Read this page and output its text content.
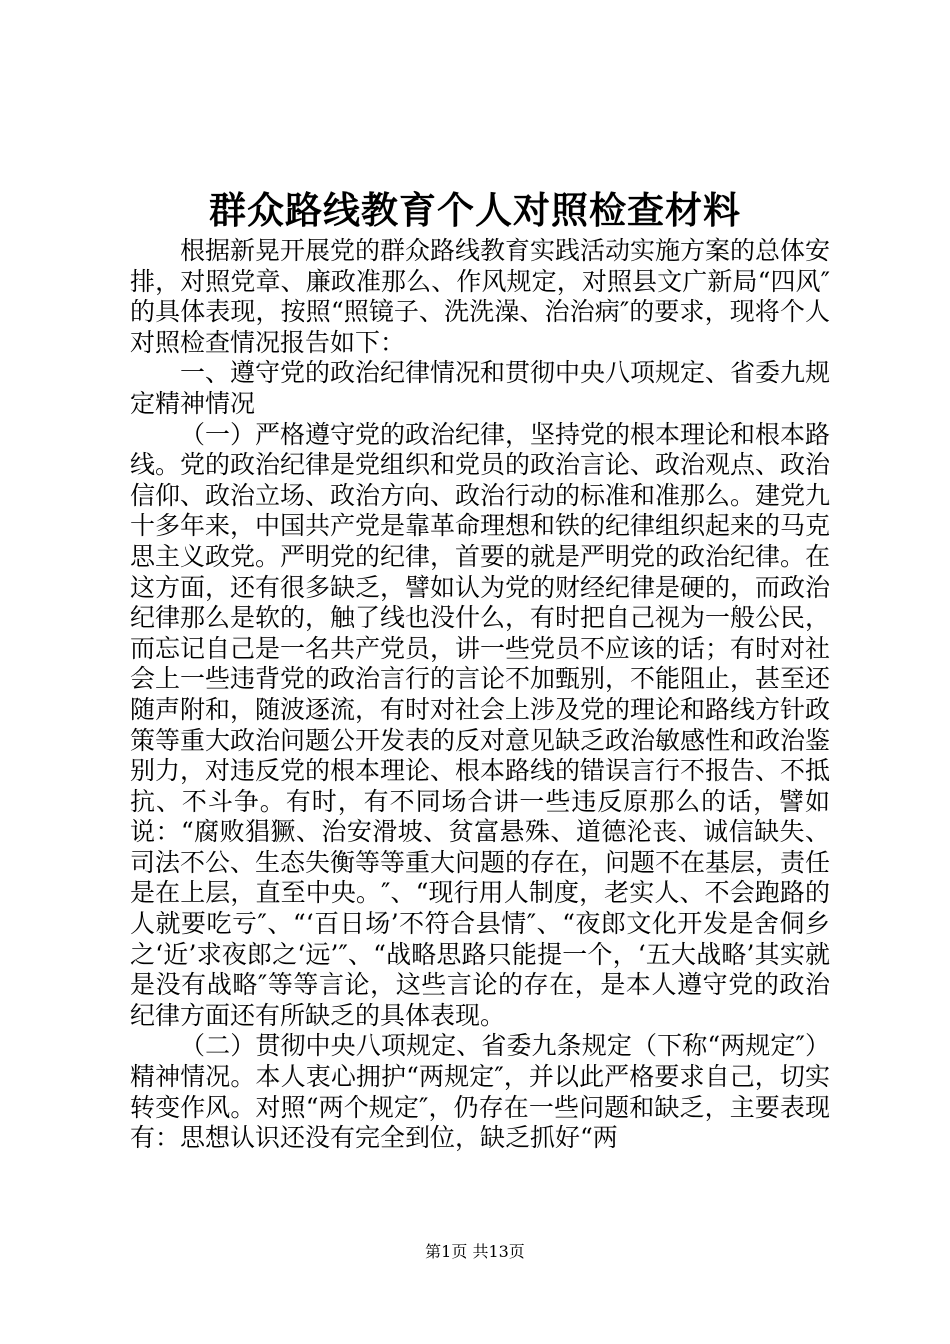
群众路线教育个人对照检查材料

根据新晃开展党的群众路线教育实践活动实施方案的总体安排，对照党章、廉政准那么、作风规定，对照县文广新局“四风″的具体表现，按照“照镜子、洗洗澡、治治病″的要求，现将个人对照检查情况报告如下：

一、遵守党的政治纪律情况和贯彻中央八项规定、省委九规定精神情况

（一）严格遵守党的政治纪律，坚持党的根本理论和根本路线。党的政治纪律是党组织和党员的政治言论、政治观点、政治信仰、政治立场、政治方向、政治行动的标准和准那么。建党九十多年来，中国共产党是靠革命理想和铁的纪律组织起来的马克思主义政党。严明党的纪律，首要的就是严明党的政治纪律。在这方面，还有很多缺乏，譬如认为党的财经纪律是硬的，而政治纪律那么是软的，触了线也没什么，有时把自己视为一般公民，而忘记自己是一名共产党员，讲一些党员不应该的话；有时对社会上一些违背党的政治言行的言论不加甄别，不能阻止，甚至还随声附和，随波逐流，有时对社会上涉及党的理论和路线方针政策等重大政治问题公开发表的反对意见缺乏政治敏感性和政治鉴别力，对违反党的根本理论、根本路线的错误言行不报告、不抵抗、不斗争。有时，有不同场合讲一些违反原那么的话，譬如说：“腐败猖獗、治安滑坡、贫富悬殊、道德沦丧、诚信缺失、司法不公、生态失衡等等重大问题的存在，问题不在基层，责任是在上层，直至中央。″、“现行用人制度，老实人、不会跑路的人就要吃亏″、“‘百日场’不符合县情″、“夜郎文化开发是舍侗乡之‘近’求夜郎之‘远’″、“战略思路只能提一个，‘五大战略’其实就是没有战略″等等言论，这些言论的存在，是本人遵守党的政治纪律方面还有所缺乏的具体表现。

（二）贯彻中央八项规定、省委九条规定（下称“两规定″）精神情况。本人衷心拥护“两规定″，并以此严格要求自己，切实转变作风。对照“两个规定″，仍存在一些问题和缺乏，主要表现有：思想认识还没有完全到位，缺乏抓好“两

第1页 共13页
